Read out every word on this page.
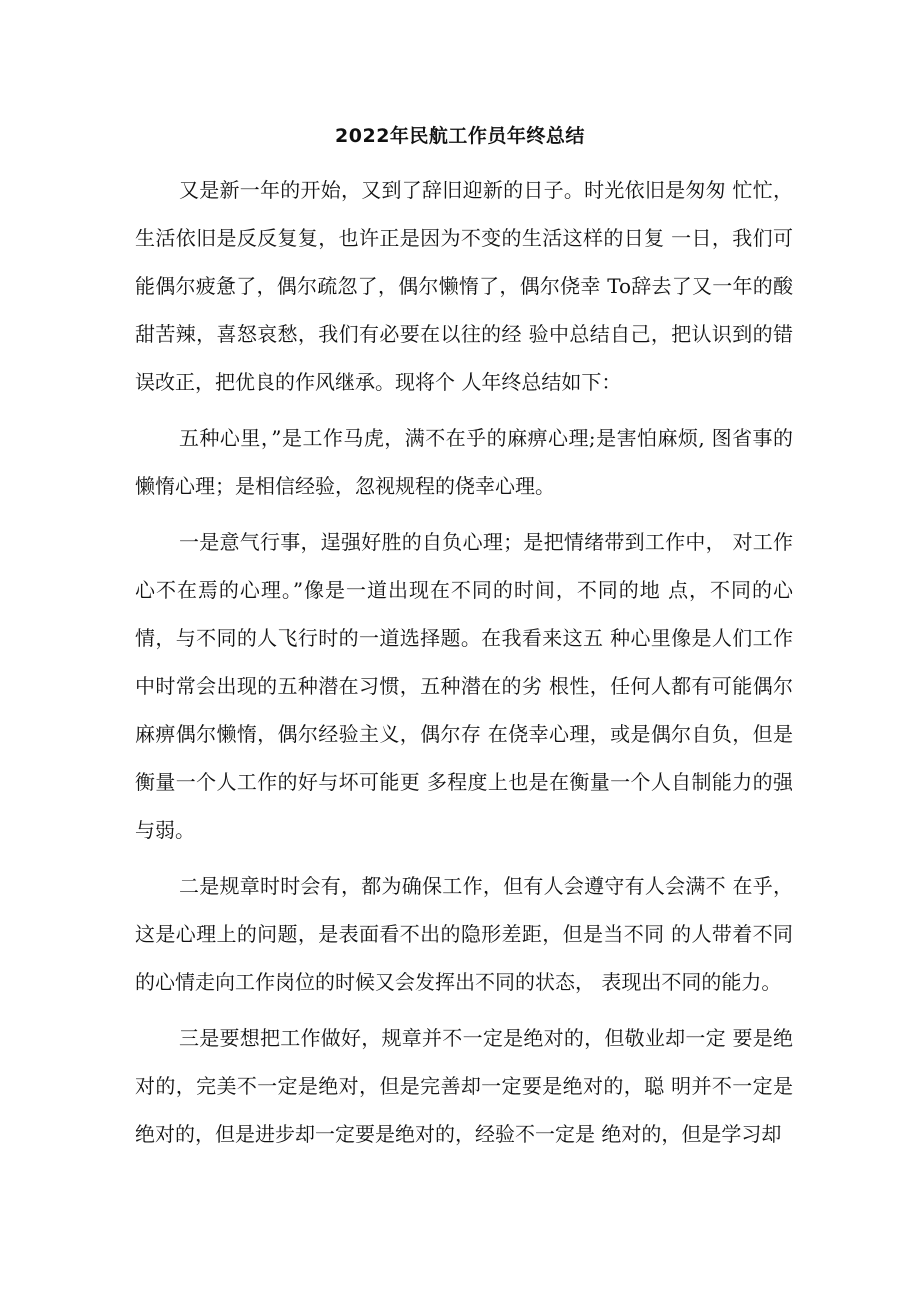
2022年民航工作员年终总结

又是新一年的开始，又到了辞旧迎新的日子。时光依旧是匆匆 忙忙，生活依旧是反反复复，也许正是因为不变的生活这样的日复 一日，我们可能偶尔疲惫了，偶尔疏忽了，偶尔懒惰了，偶尔侥幸 To辞去了又一年的酸甜苦辣，喜怒哀愁，我们有必要在以往的经 验中总结自己，把认识到的错误改正，把优良的作风继承。现将个 人年终总结如下：

五种心里，”是工作马虎，满不在乎的麻痹心理;是害怕麻烦, 图省事的懒惰心理；是相信经验，忽视规程的侥幸心理。

一是意气行事，逞强好胜的自负心理；是把情绪带到工作中， 对工作心不在焉的心理。”像是一道出现在不同的时间，不同的地 点，不同的心情，与不同的人飞行时的一道选择题。在我看来这五 种心里像是人们工作中时常会出现的五种潜在习惯，五种潜在的劣 根性，任何人都有可能偶尔麻痹偶尔懒惰，偶尔经验主义，偶尔存 在侥幸心理，或是偶尔自负，但是衡量一个人工作的好与坏可能更 多程度上也是在衡量一个人自制能力的强与弱。

二是规章时时会有，都为确保工作，但有人会遵守有人会满不 在乎，这是心理上的问题，是表面看不出的隐形差距，但是当不同 的人带着不同的心情走向工作岗位的时候又会发挥出不同的状态， 表现出不同的能力。

三是要想把工作做好，规章并不一定是绝对的，但敬业却一定 要是绝对的，完美不一定是绝对，但是完善却一定要是绝对的，聪 明并不一定是绝对的，但是进步却一定要是绝对的，经验不一定是 绝对的，但是学习却
